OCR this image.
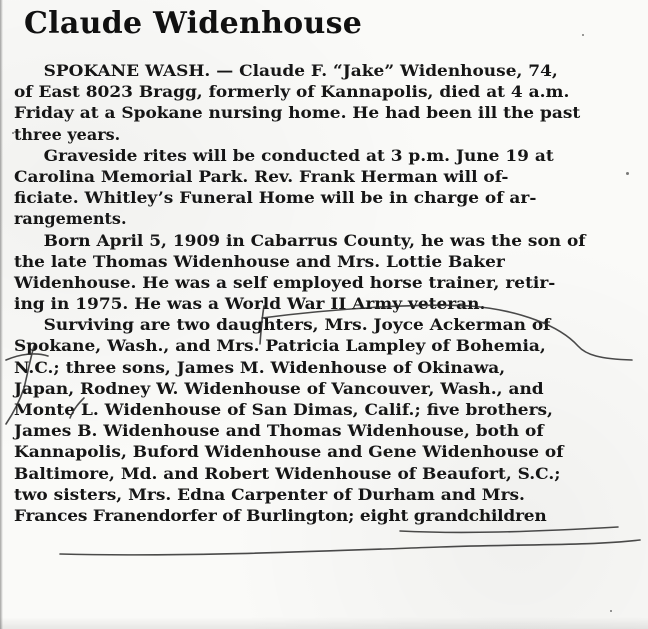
Claude Widenhouse
SPOKANE WASH. — Claude F. “Jake” Widenhouse, 74,
of East 8023 Bragg, formerly of Kannapolis, died at 4 a.m.
Friday at a Spokane nursing home. He had been ill the past
three years.
Graveside rites will be conducted at 3 p.m. June 19 at
Carolina Memorial Park. Rev. Frank Herman will of-
ficiate. Whitley’s Funeral Home will be in charge of ar-
rangements.
Born April 5, 1909 in Cabarrus County, he was the son of
the late Thomas Widenhouse and Mrs. Lottie Baker
Widenhouse. He was a self employed horse trainer, retir-
ing in 1975. He was a World War II Army veteran.
Surviving are two daughters, Mrs. Joyce Ackerman of
Spokane, Wash., and Mrs. Patricia Lampley of Bohemia,
N.C.; three sons, James M. Widenhouse of Okinawa,
Japan, Rodney W. Widenhouse of Vancouver, Wash., and
Monte L. Widenhouse of San Dimas, Calif.; five brothers,
James B. Widenhouse and Thomas Widenhouse, both of
Kannapolis, Buford Widenhouse and Gene Widenhouse of
Baltimore, Md. and Robert Widenhouse of Beaufort, S.C.;
two sisters, Mrs. Edna Carpenter of Durham and Mrs.
Frances Franendorfer of Burlington; eight grandchildren
